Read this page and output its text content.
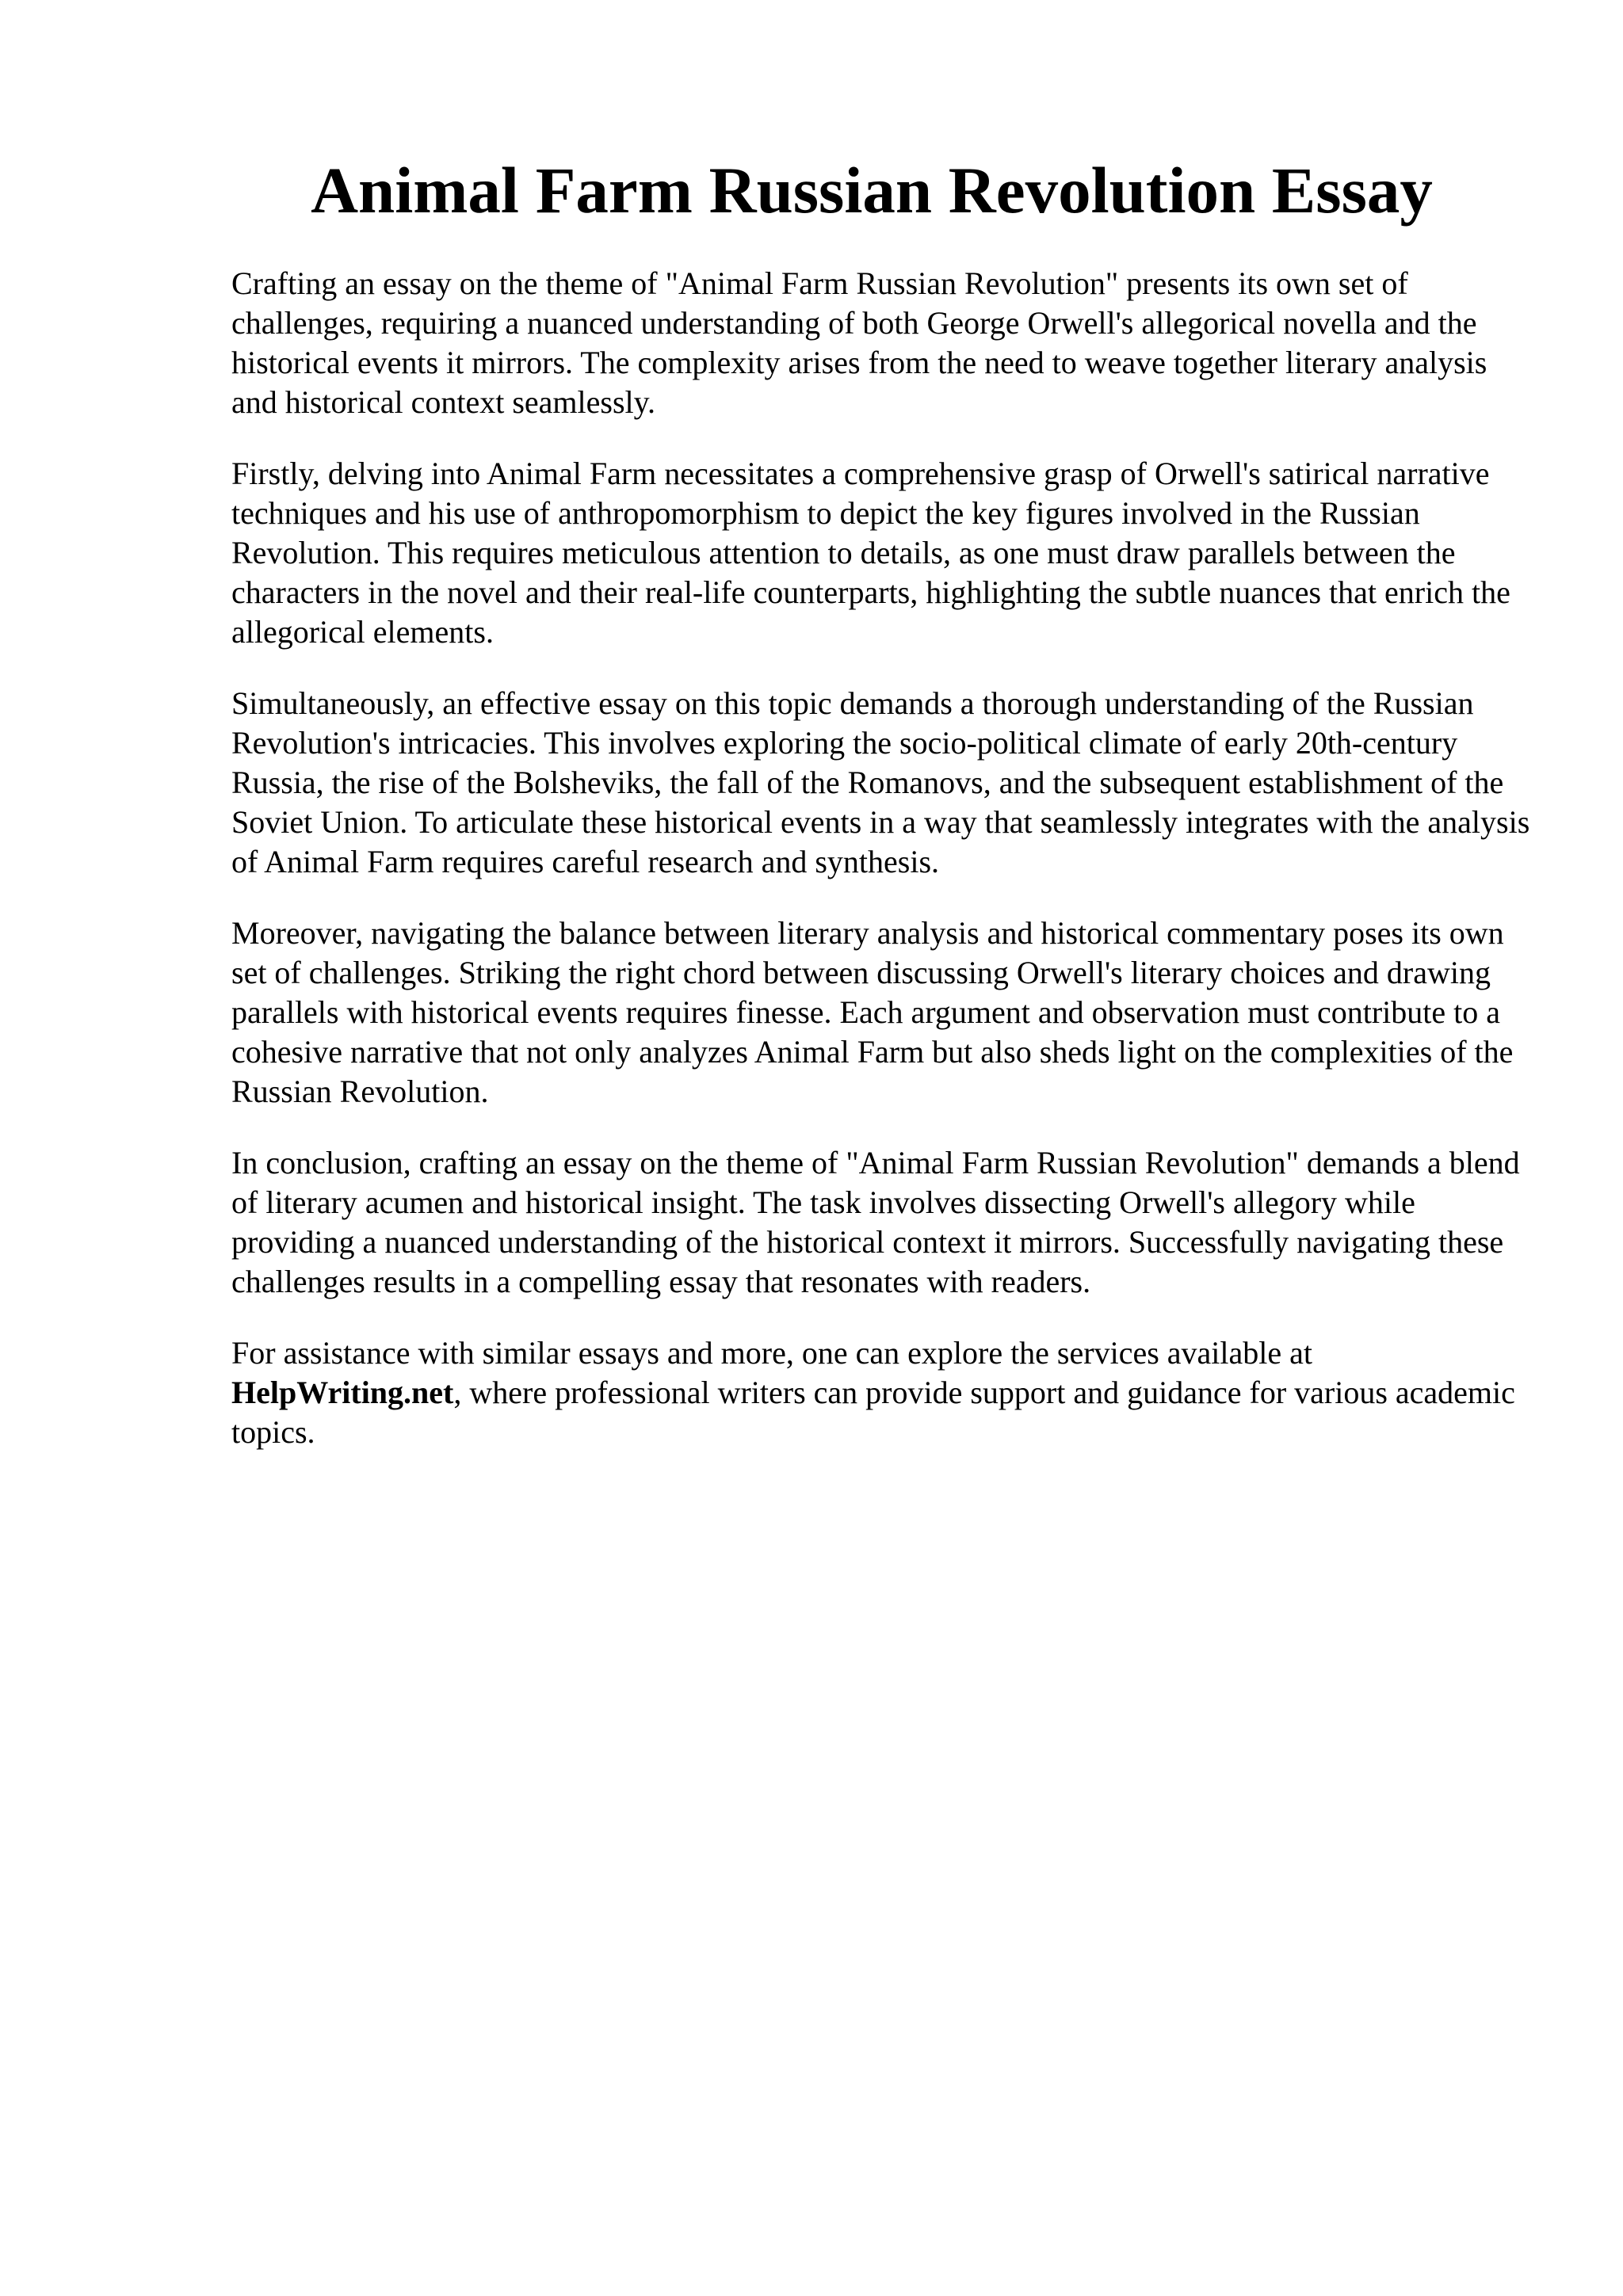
Animal Farm Russian Revolution Essay

Crafting an essay on the theme of "Animal Farm Russian Revolution" presents its own set of challenges, requiring a nuanced understanding of both George Orwell's allegorical novella and the historical events it mirrors. The complexity arises from the need to weave together literary analysis and historical context seamlessly.

Firstly, delving into Animal Farm necessitates a comprehensive grasp of Orwell's satirical narrative techniques and his use of anthropomorphism to depict the key figures involved in the Russian Revolution. This requires meticulous attention to details, as one must draw parallels between the characters in the novel and their real-life counterparts, highlighting the subtle nuances that enrich the allegorical elements.

Simultaneously, an effective essay on this topic demands a thorough understanding of the Russian Revolution's intricacies. This involves exploring the socio-political climate of early 20th-century Russia, the rise of the Bolsheviks, the fall of the Romanovs, and the subsequent establishment of the Soviet Union. To articulate these historical events in a way that seamlessly integrates with the analysis of Animal Farm requires careful research and synthesis.

Moreover, navigating the balance between literary analysis and historical commentary poses its own set of challenges. Striking the right chord between discussing Orwell's literary choices and drawing parallels with historical events requires finesse. Each argument and observation must contribute to a cohesive narrative that not only analyzes Animal Farm but also sheds light on the complexities of the Russian Revolution.

In conclusion, crafting an essay on the theme of "Animal Farm Russian Revolution" demands a blend of literary acumen and historical insight. The task involves dissecting Orwell's allegory while providing a nuanced understanding of the historical context it mirrors. Successfully navigating these challenges results in a compelling essay that resonates with readers.

For assistance with similar essays and more, one can explore the services available at HelpWriting.net, where professional writers can provide support and guidance for various academic topics.
